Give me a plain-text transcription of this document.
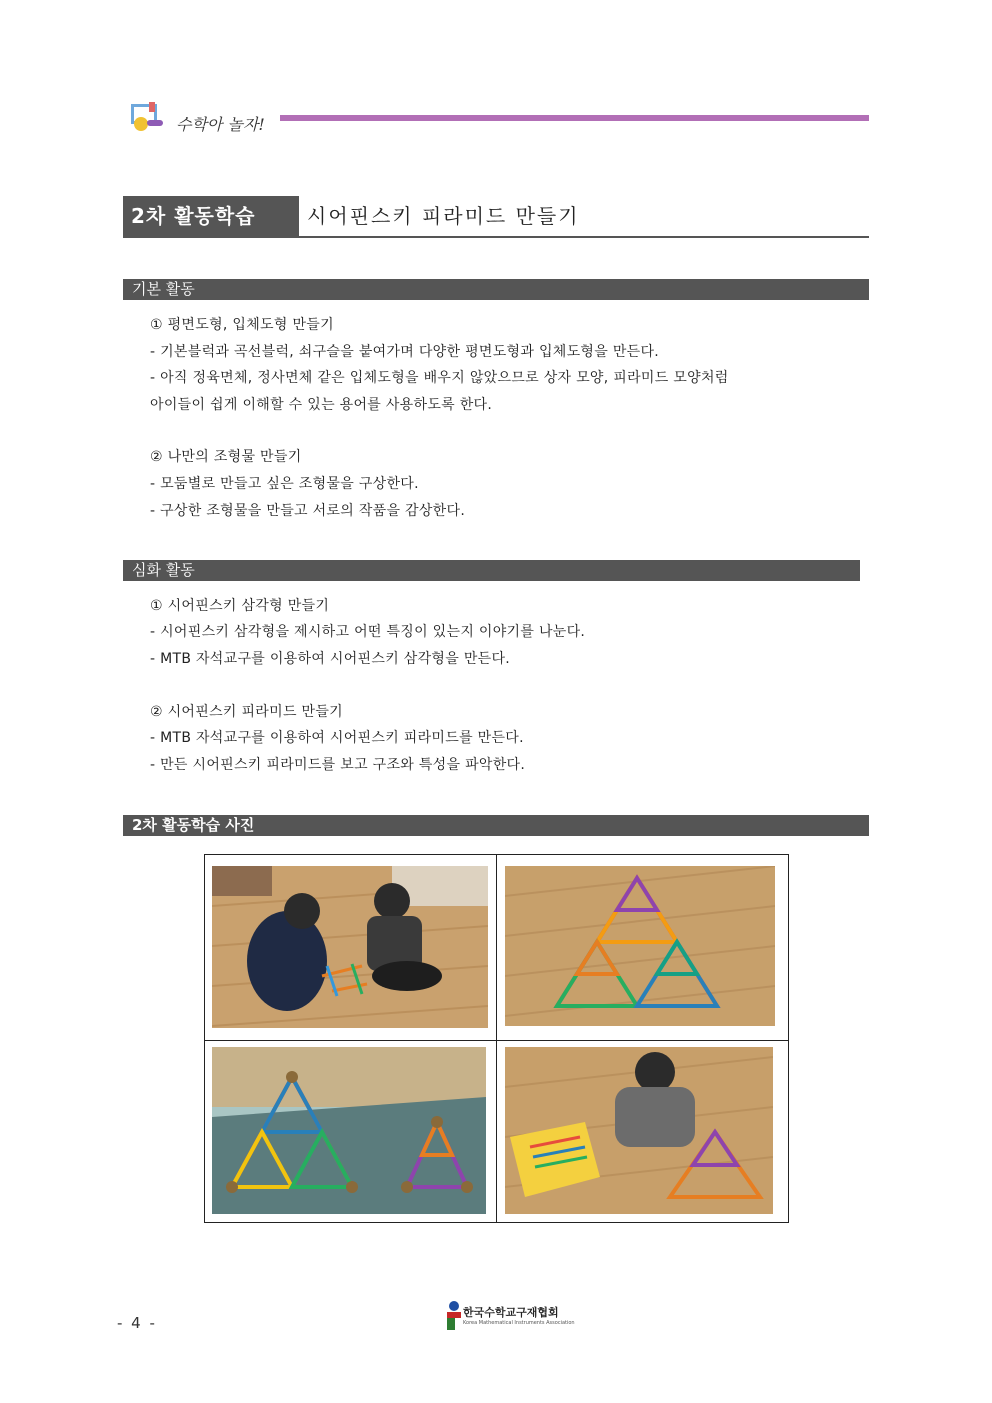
수학아 놀자!
2차 활동학습	시어핀스키 피라미드 만들기
기본 활동
① 평면도형, 입체도형 만들기
- 기본블럭과 곡선블럭, 쇠구슬을 붙여가며 다양한 평면도형과 입체도형을 만든다.
- 아직 정육면체, 정사면체 같은 입체도형을 배우지 않았으므로 상자 모양, 피라미드 모양처럼
아이들이 쉽게 이해할 수 있는 용어를 사용하도록 한다.
② 나만의 조형물 만들기
- 모둠별로 만들고 싶은 조형물을 구상한다.
- 구상한 조형물을 만들고 서로의 작품을 감상한다.
심화 활동
① 시어핀스키 삼각형 만들기
- 시어핀스키 삼각형을 제시하고 어떤 특징이 있는지 이야기를 나눈다.
- MTB 자석교구를 이용하여 시어핀스키 삼각형을 만든다.
② 시어핀스키 피라미드 만들기
- MTB 자석교구를 이용하여 시어핀스키 피라미드를 만든다.
- 만든 시어핀스키 피라미드를 보고 구조와 특성을 파악한다.
2차 활동학습 사진
- 4 -
한국수학교구재협회
Korea Mathematical Instruments Association
